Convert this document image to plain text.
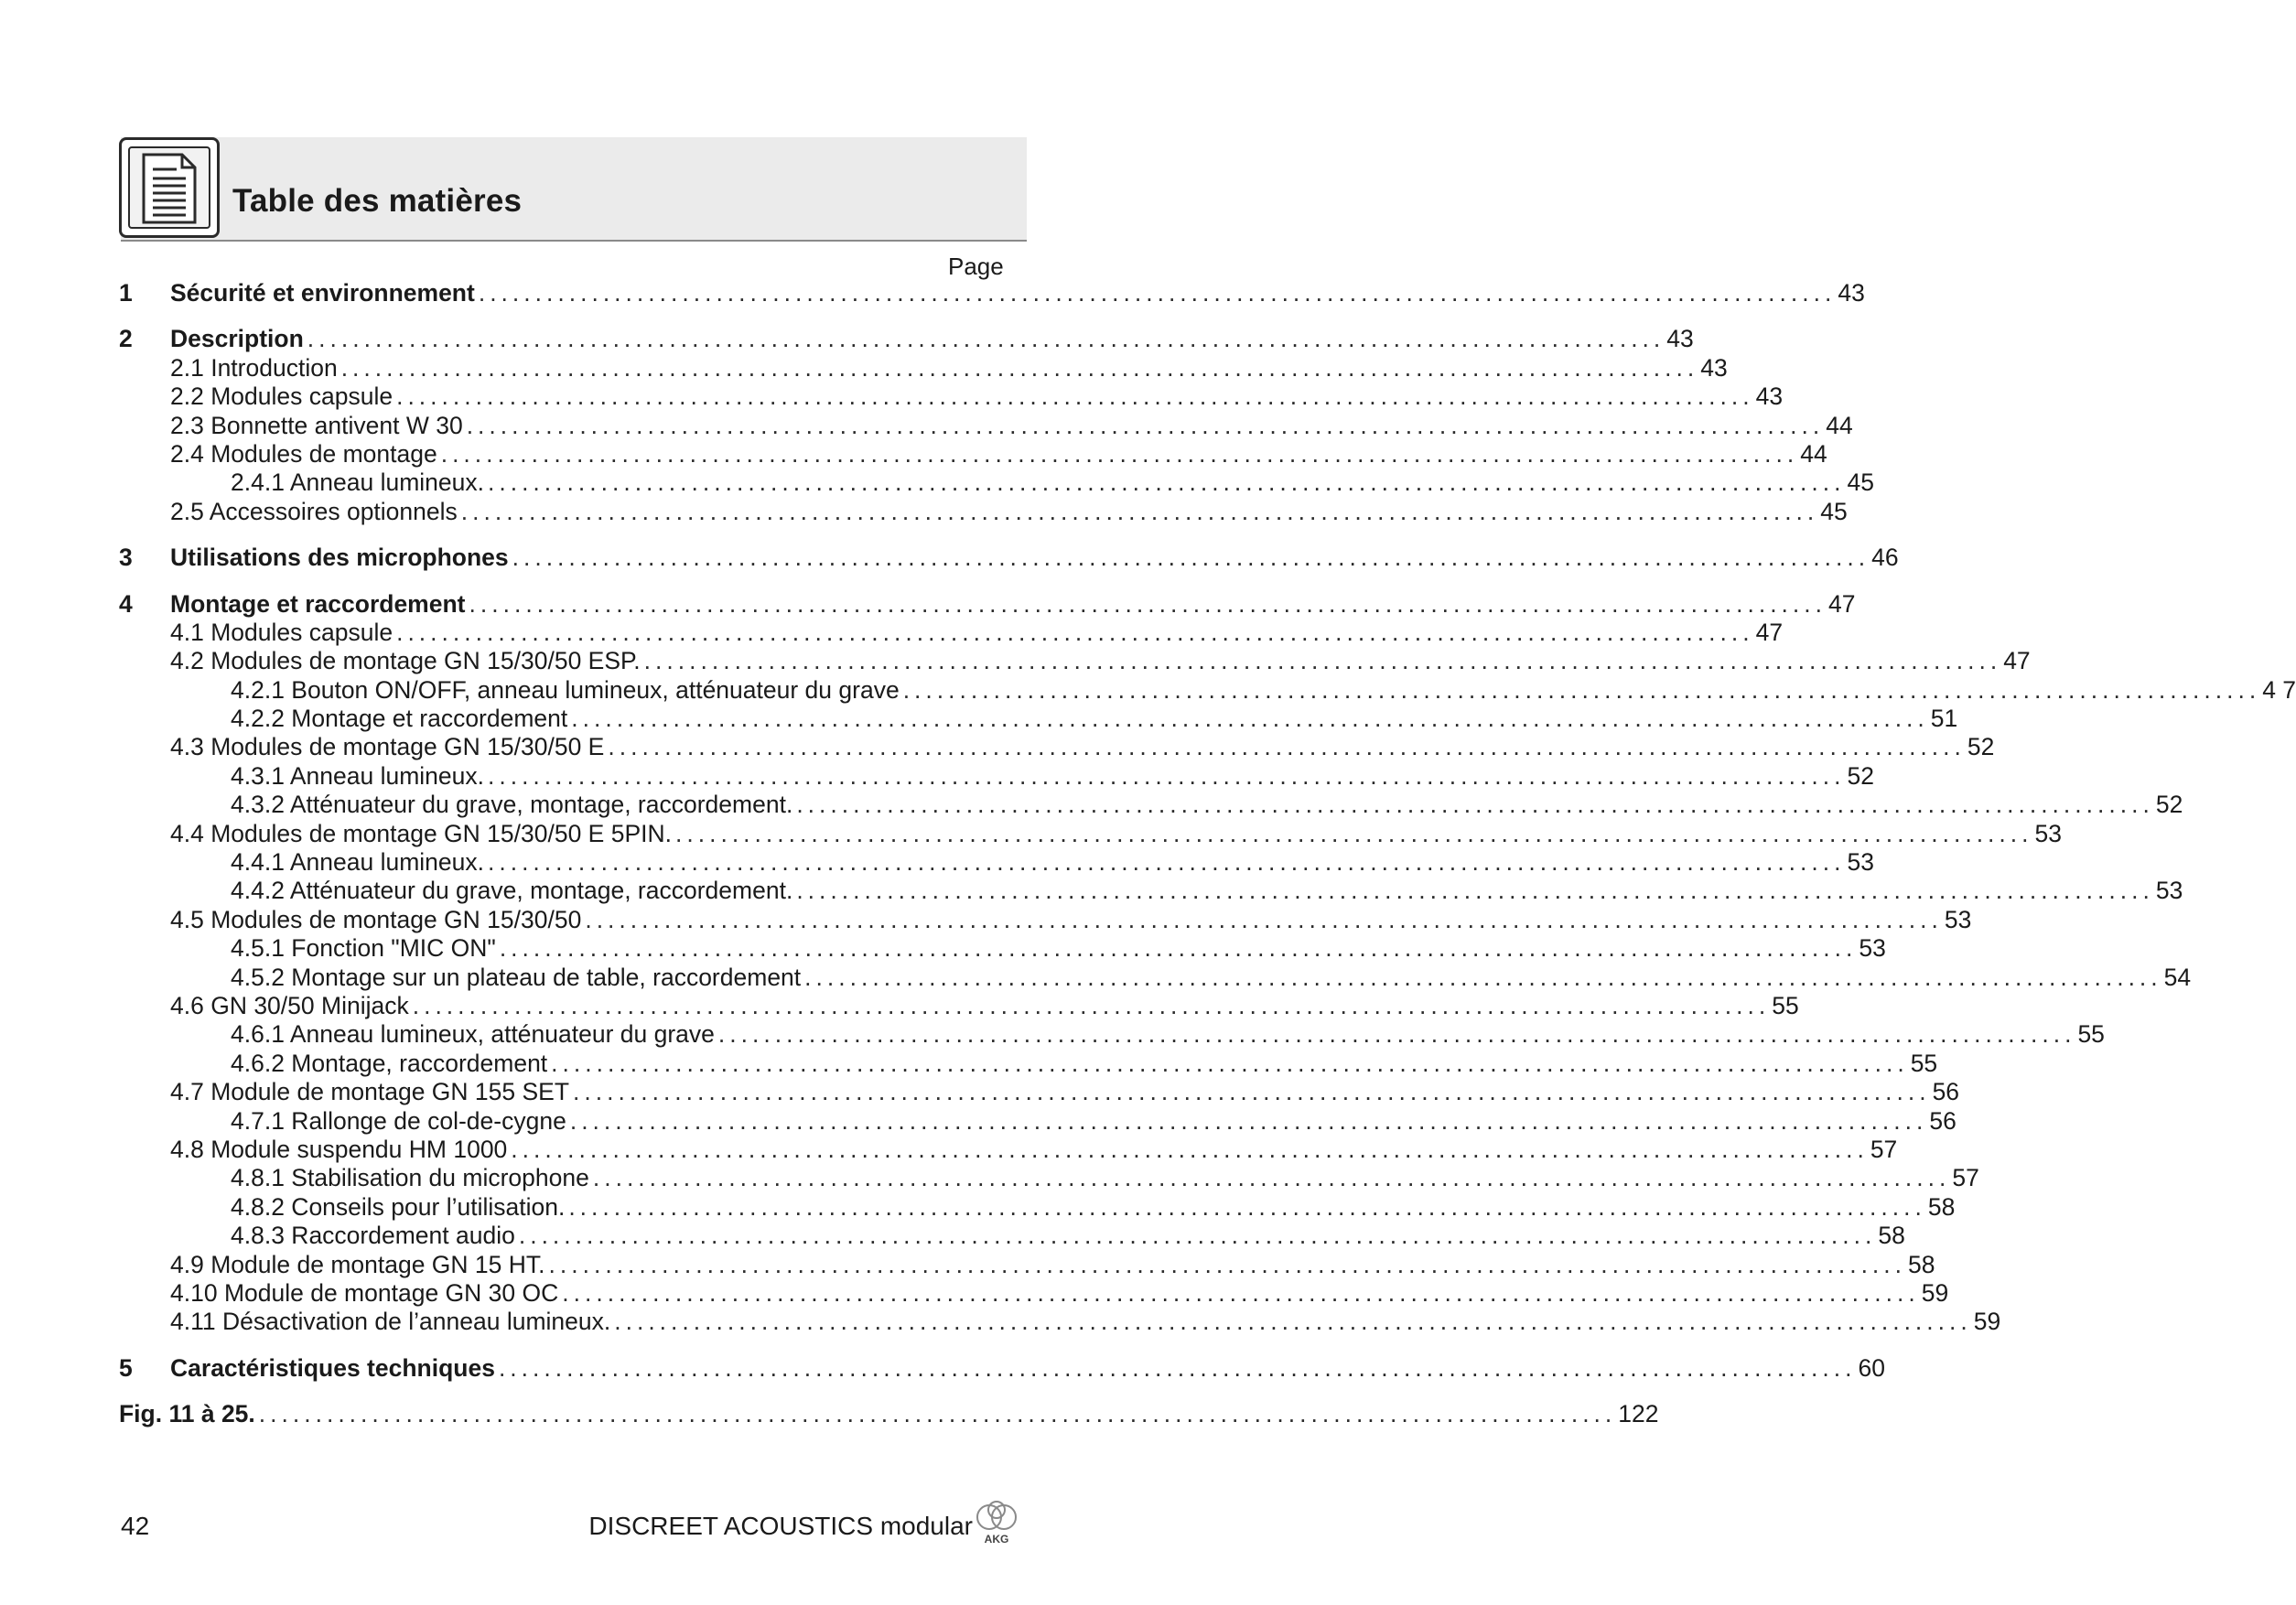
Table des matières
Page
1 Sécurité et environnement ........................................................................................................................ 43
2 Description ........................................................................................................................ 43
2.1 Introduction ........................................................................................................................ 43
2.2 Modules capsule ........................................................................................................................ 43
2.3 Bonnette antivent W 30 ........................................................................................................................ 44
2.4 Modules de montage ........................................................................................................................ 44
2.4.1 Anneau lumineux. ........................................................................................................................ 45
2.5 Accessoires optionnels ........................................................................................................................ 45
3 Utilisations des microphones ........................................................................................................................ 46
4 Montage et raccordement ........................................................................................................................ 47
4.1 Modules capsule ........................................................................................................................ 47
4.2 Modules de montage GN 15/30/50 ESP. ........................................................................................................................ 47
4.2.1 Bouton ON/OFF, anneau lumineux, atténuateur du grave ........................................................................................................................ 4 7
4.2.2 Montage et raccordement ........................................................................................................................ 51
4.3 Modules de montage GN 15/30/50 E ........................................................................................................................ 52
4.3.1 Anneau lumineux. ........................................................................................................................ 52
4.3.2 Atténuateur du grave, montage, raccordement. ........................................................................................................................ 52
4.4 Modules de montage GN 15/30/50 E 5PIN. ........................................................................................................................ 53
4.4.1 Anneau lumineux. ........................................................................................................................ 53
4.4.2 Atténuateur du grave, montage, raccordement. ........................................................................................................................ 53
4.5 Modules de montage GN 15/30/50 ........................................................................................................................ 53
4.5.1 Fonction "MIC ON" ........................................................................................................................ 53
4.5.2 Montage sur un plateau de table, raccordement ........................................................................................................................ 54
4.6 GN 30/50 Minijack ........................................................................................................................ 55
4.6.1 Anneau lumineux, atténuateur du grave ........................................................................................................................ 55
4.6.2 Montage, raccordement ........................................................................................................................ 55
4.7 Module de montage GN 155 SET ........................................................................................................................ 56
4.7.1 Rallonge de col-de-cygne ........................................................................................................................ 56
4.8 Module suspendu HM 1000 ........................................................................................................................ 57
4.8.1 Stabilisation du microphone ........................................................................................................................ 57
4.8.2 Conseils pour l’utilisation. ........................................................................................................................ 58
4.8.3 Raccordement audio ........................................................................................................................ 58
4.9 Module de montage GN 15 HT. ........................................................................................................................ 58
4.10 Module de montage GN 30 OC ........................................................................................................................ 59
4.11 Désactivation de l’anneau lumineux. ........................................................................................................................ 59
5 Caractéristiques techniques ........................................................................................................................ 60
Fig. 11 à 25. ........................................................................................................................ 122
42	DISCREET ACOUSTICS modular AKG
